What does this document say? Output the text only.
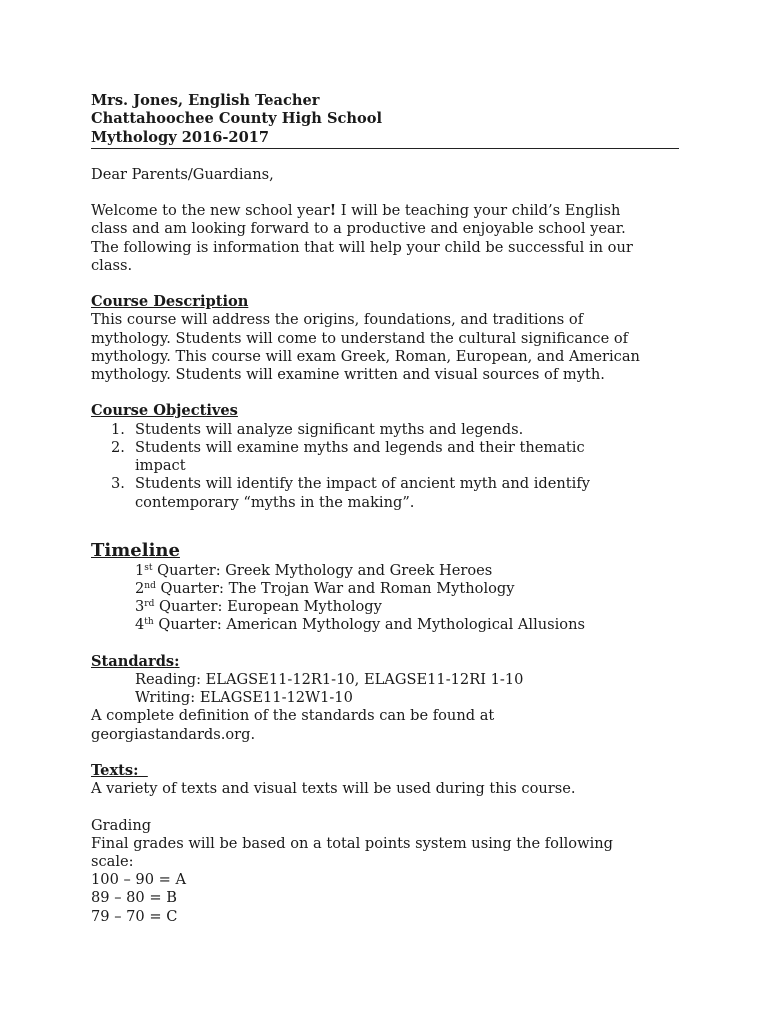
Mrs. Jones, English Teacher
Chattahoochee County High School
Mythology 2016-2017
Dear Parents/Guardians,
Welcome to the new school year! I will be teaching your child’s English class and am looking forward to a productive and enjoyable school year. The following is information that will help your child be successful in our class.
Course Description
This course will address the origins, foundations, and traditions of mythology. Students will come to understand the cultural significance of mythology. This course will exam Greek, Roman, European, and American mythology. Students will examine written and visual sources of myth.
Course Objectives
1. Students will analyze significant myths and legends.
2. Students will examine myths and legends and their thematic impact
3. Students will identify the impact of ancient myth and identify contemporary “myths in the making”.
Timeline
1st Quarter: Greek Mythology and Greek Heroes
2nd Quarter: The Trojan War and Roman Mythology
3rd Quarter: European Mythology
4th Quarter: American Mythology and Mythological Allusions
Standards:
Reading: ELAGSE11-12R1-10, ELAGSE11-12RI 1-10
Writing: ELAGSE11-12W1-10
A complete definition of the standards can be found at georgiastandards.org.
Texts:
A variety of texts and visual texts will be used during this course.
Grading
Final grades will be based on a total points system using the following scale:
100 – 90 = A
89 – 80 = B
79 – 70 = C
